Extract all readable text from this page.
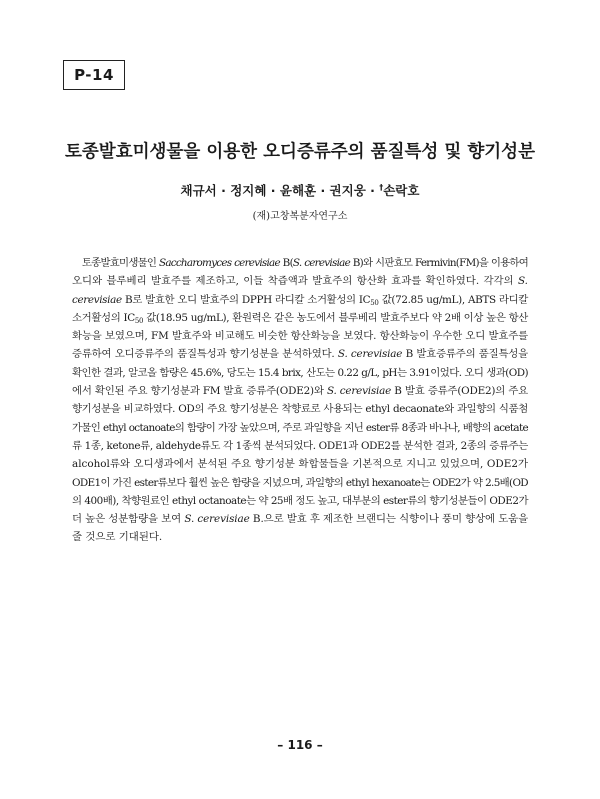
P-14
토종발효미생물을 이용한 오디증류주의 품질특성 및 향기성분
채규서 · 정지혜 · 윤해훈 · 권지웅 · †손락호
(재)고창복분자연구소
　토종발효미생물인 Saccharomyces cerevisiae B(S. cerevisiae B)와 시판효모 Fermivin(FM)을 이용하여
오디와 블루베리 발효주를 제조하고, 이들 착즙액과 발효주의 항산화 효과를 확인하였다. 각각의 S.
cerevisiae B로 발효한 오디 발효주의 DPPH 라디칼 소거활성의 $IC_{50}$ 값(72.85 ug/mL), ABTS 라디칼
소거활성의 $IC_{50}$ 값(18.95 ug/mL), 환원력은 같은 농도에서 블루베리 발효주보다 약 2배 이상 높은 항산
화능을 보였으며, FM 발효주와 비교해도 비슷한 항산화능을 보였다. 항산화능이 우수한 오디 발효주를
증류하여 오디증류주의 품질특성과 향기성분을 분석하였다. S. cerevisiae B 발효증류주의 품질특성을
확인한 결과, 알코올 함량은 45.6%, 당도는 15.4 brix, 산도는 0.22 g/L, pH는 3.91이었다. 오디 생과(OD)
에서 확인된 주요 향기성분과 FM 발효 증류주(ODE2)와 S. cerevisiae B 발효 증류주(ODE2)의 주요
향기성분을 비교하였다. OD의 주요 향기성분은 착향료로 사용되는 ethyl decaonate와 과일향의 식품첨
가물인 ethyl octanoate의 함량이 가장 높았으며, 주로 과일향을 지닌 ester류 8종과 바나나, 배향의 acetate
류 1종, ketone류, aldehyde류도 각 1종씩 분석되었다. ODE1과 ODE2를 분석한 결과, 2종의 증류주는
alcohol류와 오디생과에서 분석된 주요 향기성분 화합물들을 기본적으로 지니고 있었으며, ODE2가
ODE1이 가진 ester류보다 훨씬 높은 함량을 지녔으며, 과일향의 ethyl hexanoate는 ODE2가 약 2.5배(OD
의 400배), 착향원료인 ethyl octanoate는 약 25배 정도 높고, 대부분의 ester류의 향기성분들이 ODE2가
더 높은 성분함량을 보여 S. cerevisiae B.으로 발효 후 제조한 브랜디는 식향이나 풍미 향상에 도움을
줄 것으로 기대된다.
– 116 –
